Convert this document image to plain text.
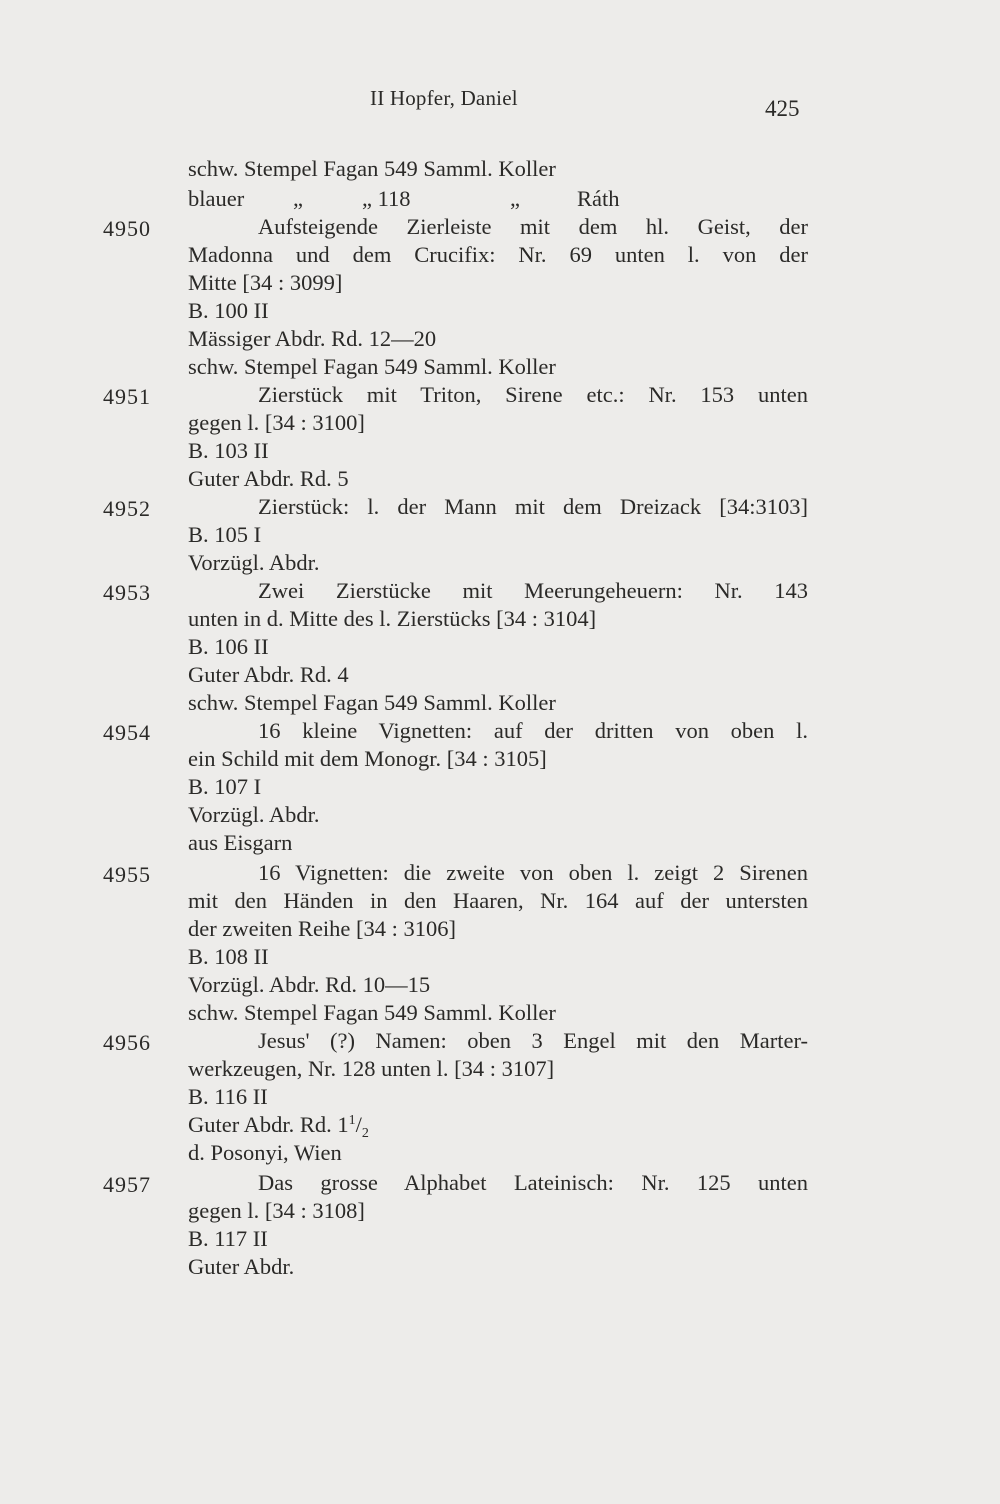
II Hopfer, Daniel	425
schw. Stempel Fagan 549 Samml. Koller
blauer „	„ 118	„	Ráth
4950	Aufsteigende Zierleiste mit dem hl. Geist, der
Madonna und dem Crucifix: Nr. 69 unten l. von der
Mitte [34 : 3099]
B. 100 II
Mässiger Abdr. Rd. 12—20
schw. Stempel Fagan 549 Samml. Koller
4951	Zierstück mit Triton, Sirene etc.: Nr. 153 unten
gegen l. [34 : 3100]
B. 103 II
Guter Abdr. Rd. 5
4952	Zierstück: l. der Mann mit dem Dreizack [34:3103]
B. 105 I
Vorzügl. Abdr.
4953	Zwei Zierstücke mit Meerungeheuern: Nr. 143
unten in d. Mitte des l. Zierstücks [34 : 3104]
B. 106 II
Guter Abdr. Rd. 4
schw. Stempel Fagan 549 Samml. Koller
4954	16 kleine Vignetten: auf der dritten von oben l.
ein Schild mit dem Monogr. [34 : 3105]
B. 107 I
Vorzügl. Abdr.
aus Eisgarn
4955	16 Vignetten: die zweite von oben l. zeigt 2 Sirenen
mit den Händen in den Haaren, Nr. 164 auf der untersten
der zweiten Reihe [34 : 3106]
B. 108 II
Vorzügl. Abdr. Rd. 10—15
schw. Stempel Fagan 549 Samml. Koller
4956	Jesus' (?) Namen: oben 3 Engel mit den Marter-
werkzeugen, Nr. 128 unten l. [34 : 3107]
B. 116 II
Guter Abdr. Rd. $1^1/_2$
d. Posonyi, Wien
4957	Das grosse Alphabet Lateinisch: Nr. 125 unten
gegen l. [34 : 3108]
B. 117 II
Guter Abdr.
